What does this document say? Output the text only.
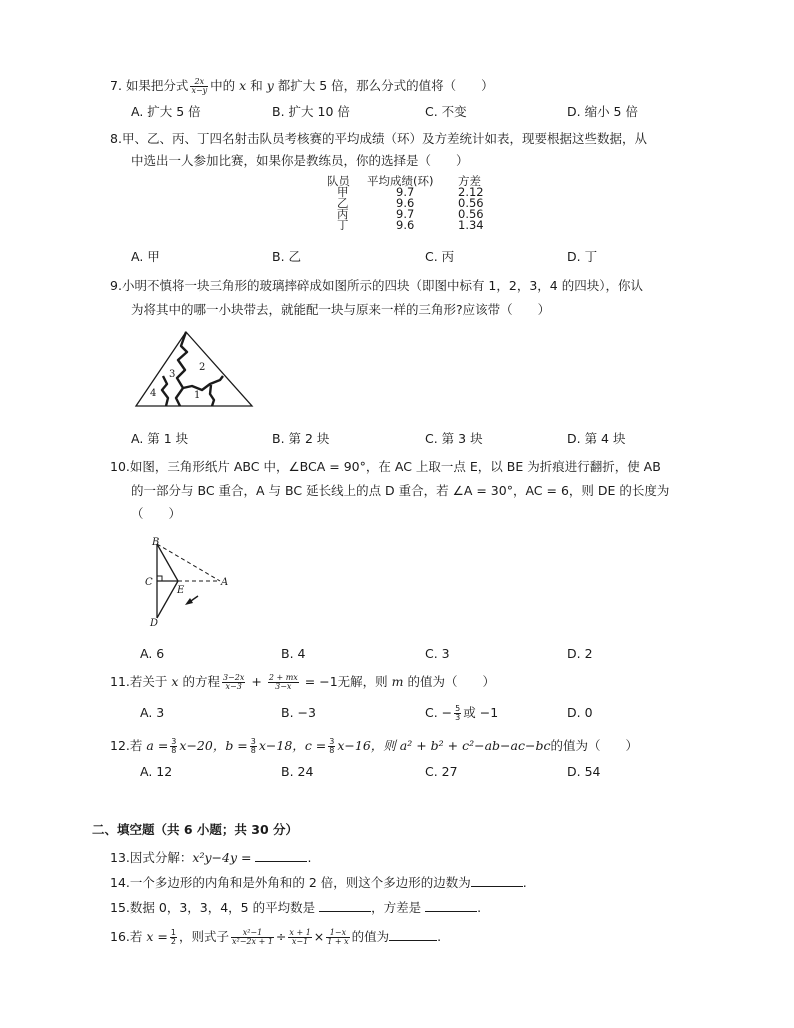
7. 如果把分式 $\frac{2x}{x-y}$ 中的 x 和 y 都扩大 5 倍，那么分式的值将（　　）
A. 扩大 5 倍	B. 扩大 10 倍	C. 不变	D. 缩小 5 倍
8.甲、乙、丙、丁四名射击队员考核赛的平均成绩（环）及方差统计如表，现要根据这些数据，从
中选出一人参加比赛，如果你是教练员，你的选择是（　　）
队员 平均成绩(环) 方差
甲	9.7	2.12
乙	9.6	0.56
丙	9.7	0.56
丁	9.6	1.34
A. 甲	B. 乙	C. 丙	D. 丁
9.小明不慎将一块三角形的玻璃摔碎成如图所示的四块（即图中标有 1，2，3，4 的四块），你认
为将其中的哪一小块带去，就能配一块与原来一样的三角形?应该带（　　）
4
3
2
1
A. 第 1 块	B. 第 2 块	C. 第 3 块	D. 第 4 块
10.如图，三角形纸片 ABC 中，∠BCA = 90°，在 AC 上取一点 E，以 BE 为折痕进行翻折，使 AB
的一部分与 BC 重合，A 与 BC 延长线上的点 D 重合，若 ∠A = 30°，AC = 6，则 DE 的长度为
（　　）
B
C	A
E
D
A. 6	B. 4	C. 3	D. 2
11.若关于 x 的方程 $\frac{3-2x}{x-3} + \frac{2 + mx}{3-x} = -1$无解，则 m 的值为（　　）
A. 3	B. −3	C. − $\frac{5}{3}$ 或 −1	D. 0
12.若 $a = \frac{3}{8} x-20$，$b = \frac{3}{8} x-18$，$c = \frac{3}{8} x-16$，则 a² + b² + c²−ab−ac−bc的值为（　　）
A. 12	B. 24	C. 27	D. 54
二、填空题（共 6 小题；共 30 分）
13.因式分解：x²y−4y =	.
14.一个多边形的内角和是外角和的 2 倍，则这个多边形的边数为	.
15.数据 0，3，3，4，5 的平均数是	，方差是	.
16.若 $x = \frac{1}{2}$ ，则式子 $\frac{\text{x²−1}}{\text{x²−2x + 1}} \div \frac{x + 1}{x-1} \times \frac{1-x}{1 + x}$ 的值为	.
